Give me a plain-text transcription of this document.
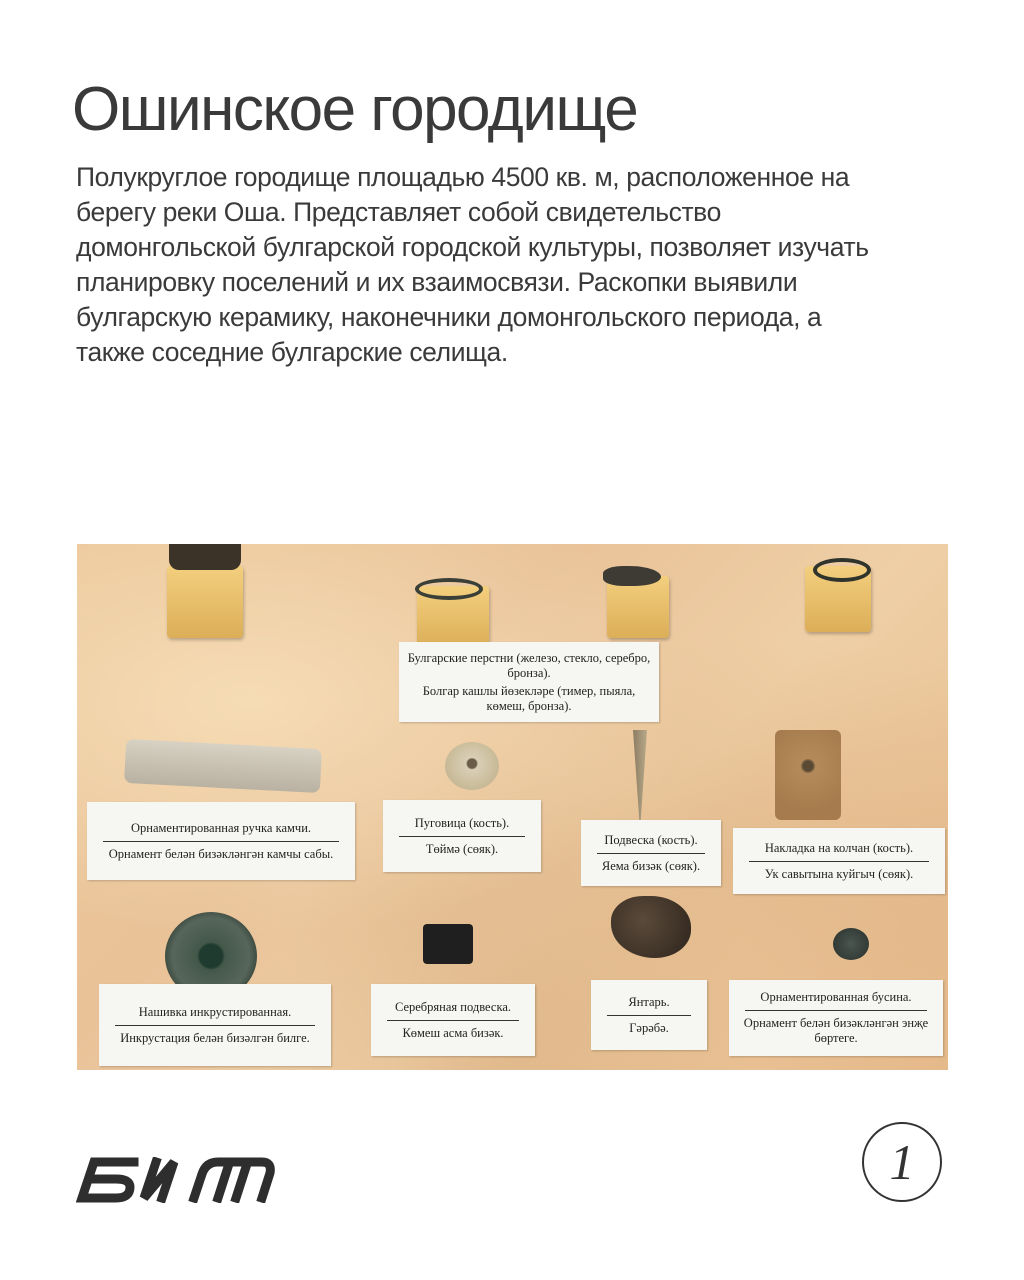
Ошинское городище

Полукруглое городище площадью 4500 кв. м, расположенное на берегу реки Оша. Представляет собой свидетельство домонгольской булгарской городской культуры, позволяет изучать планировку поселений и их взаимосвязи. Раскопки выявили булгарскую керамику, наконечники домонгольского периода, а также соседние булгарские селища.

Булгарские перстни (железо, стекло, серебро, бронза).
Болгар кашлы йөзекләре (тимер, пыяла, көмеш, бронза).
Орнаментированная ручка камчи.
Орнамент белән бизәкләнгән камчы сабы.
Пуговица (кость).
Төймә (сөяк).
Подвеска (кость).
Яема бизәк (сөяк).
Накладка на колчан (кость).
Ук савытына куйгыч (сөяк).
Нашивка инкрустированная.
Инкрустация белән бизәлгән билге.
Серебряная подвеска.
Көмеш асма бизәк.
Янтарь.
Гәрәбә.
Орнаментированная бусина.
Орнамент белән бизәкләнгән энҗе бөртеге.
1
